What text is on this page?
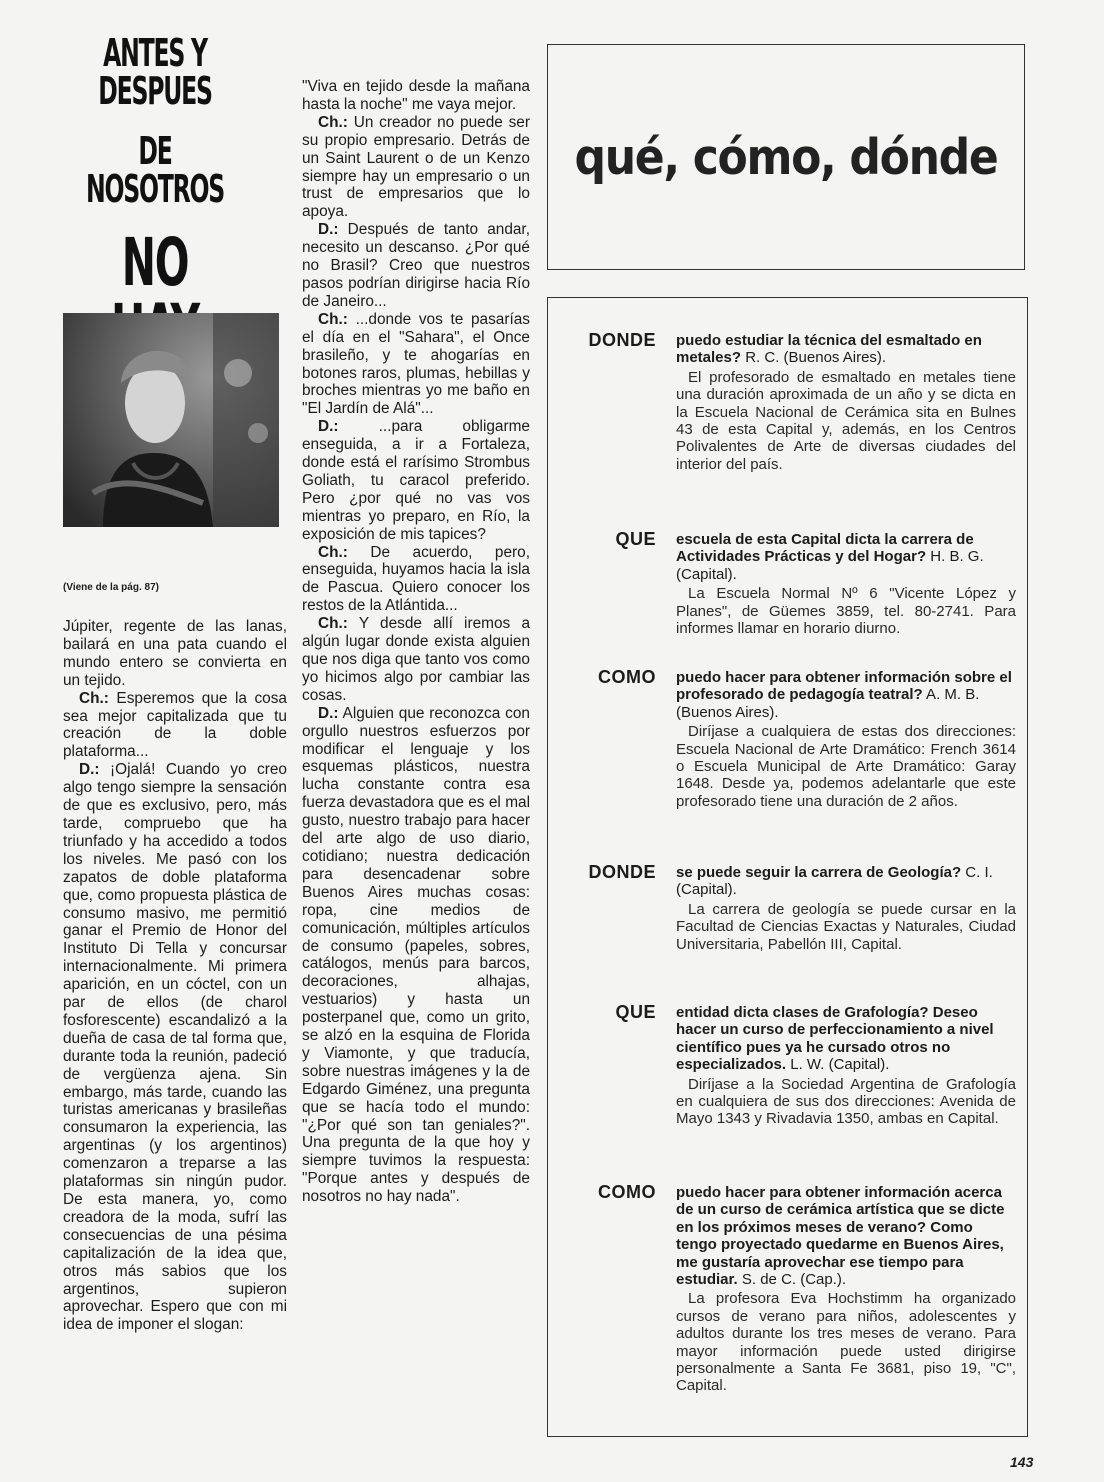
ANTES Y DESPUES
DE NOSOTROS
NO
(Viene de la pág. 87)

Júpiter, regente de las lanas, bailará en una pata cuando el mundo entero se convierta en un tejido.

Ch.: Esperemos que la cosa sea mejor capitalizada que tu creación de la doble plataforma...

D.: ¡Ojalá! Cuando yo creo algo tengo siempre la sensación de que es exclusivo, pero, más tarde, compruebo que ha triunfado y ha accedido a todos los niveles. Me pasó con los zapatos de doble plataforma que, como propuesta plástica de consumo masivo, me permitió ganar el Premio de Honor del Instituto Di Tella y concursar internacionalmente. Mi primera aparición, en un cóctel, con un par de ellos (de charol fosforescente) escandalizó a la dueña de casa de tal forma que, durante toda la reunión, padeció de vergüenza ajena. Sin embargo, más tarde, cuando las turistas americanas y brasileñas consumaron la experiencia, las argentinas (y los argentinos) comenzaron a treparse a las plataformas sin ningún pudor. De esta manera, yo, como creadora de la moda, sufrí las consecuencias de una pésima capitalización de la idea que, otros más sabios que los argentinos, supieron aprovechar. Espero que con mi idea de imponer el slogan:

"Viva en tejido desde la mañana hasta la noche" me vaya mejor.

Ch.: Un creador no puede ser su propio empresario. Detrás de un Saint Laurent o de un Kenzo siempre hay un empresario o un trust de empresarios que lo apoya.

D.: Después de tanto andar, necesito un descanso. ¿Por qué no Brasil? Creo que nuestros pasos podrían dirigirse hacia Río de Janeiro...

Ch.: ...donde vos te pasarías el día en el "Sahara", el Once brasileño, y te ahogarías en botones raros, plumas, hebillas y broches mientras yo me baño en "El Jardín de Alá"...

D.: ...para obligarme enseguida, a ir a Fortaleza, donde está el rarísimo Strombus Goliath, tu caracol preferido. Pero ¿por qué no vas vos mientras yo preparo, en Río, la exposición de mis tapices?

Ch.: De acuerdo, pero, enseguida, huyamos hacia la isla de Pascua. Quiero conocer los restos de la Atlántida...

Ch.: Y desde allí iremos a algún lugar donde exista alguien que nos diga que tanto vos como yo hicimos algo por cambiar las cosas.

D.: Alguien que reconozca con orgullo nuestros esfuerzos por modificar el lenguaje y los esquemas plásticos, nuestra lucha constante contra esa fuerza devastadora que es el mal gusto, nuestro trabajo para hacer del arte algo de uso diario, cotidiano; nuestra dedicación para desencadenar sobre Buenos Aires muchas cosas: ropa, cine medios de comunicación, múltiples artículos de consumo (papeles, sobres, catálogos, menús para barcos, decoraciones, alhajas, vestuarios) y hasta un posterpanel que, como un grito, se alzó en la esquina de Florida y Viamonte, y que traducía, sobre nuestras imágenes y la de Edgardo Giménez, una pregunta que se hacía todo el mundo: "¿Por qué son tan geniales?". Una pregunta de la que hoy y siempre tuvimos la respuesta: "Porque antes y después de nosotros no hay nada".

qué, cómo, dónde
DONDE puedo estudiar la técnica del esmaltado en metales? R. C. (Buenos Aires).

El profesorado de esmaltado en metales tiene una duración aproximada de un año y se dicta en la Escuela Nacional de Cerámica sita en Bulnes 43 de esta Capital y, además, en los Centros Polivalentes de Arte de diversas ciudades del interior del país.

QUE escuela de esta Capital dicta la carrera de Actividades Prácticas y del Hogar? H. B. G. (Capital).

La Escuela Normal Nº 6 "Vicente López y Planes", de Güemes 3859, tel. 80-2741. Para informes llamar en horario diurno.

COMO puedo hacer para obtener información sobre el profesorado de pedagogía teatral? A. M. B. (Buenos Aires).

Diríjase a cualquiera de estas dos direcciones: Escuela Nacional de Arte Dramático: French 3614 o Escuela Municipal de Arte Dramático: Garay 1648. Desde ya, podemos adelantarle que este profesorado tiene una duración de 2 años.

DONDE se puede seguir la carrera de Geología? C. I. (Capital).

La carrera de geología se puede cursar en la Facultad de Ciencias Exactas y Naturales, Ciudad Universitaria, Pabellón III, Capital.

QUE entidad dicta clases de Grafología? Deseo hacer un curso de perfeccionamiento a nivel científico pues ya he cursado otros no especializados. L. W. (Capital).

Diríjase a la Sociedad Argentina de Grafología en cualquiera de sus dos direcciones: Avenida de Mayo 1343 y Rivadavia 1350, ambas en Capital.

COMO puedo hacer para obtener información acerca de un curso de cerámica artística que se dicte en los próximos meses de verano? Como tengo proyectado quedarme en Buenos Aires, me gustaría aprovechar ese tiempo para estudiar. S. de C. (Cap.).

La profesora Eva Hochstimm ha organizado cursos de verano para niños, adolescentes y adultos durante los tres meses de verano. Para mayor información puede usted dirigirse personalmente a Santa Fe 3681, piso 19, "C", Capital.

143
